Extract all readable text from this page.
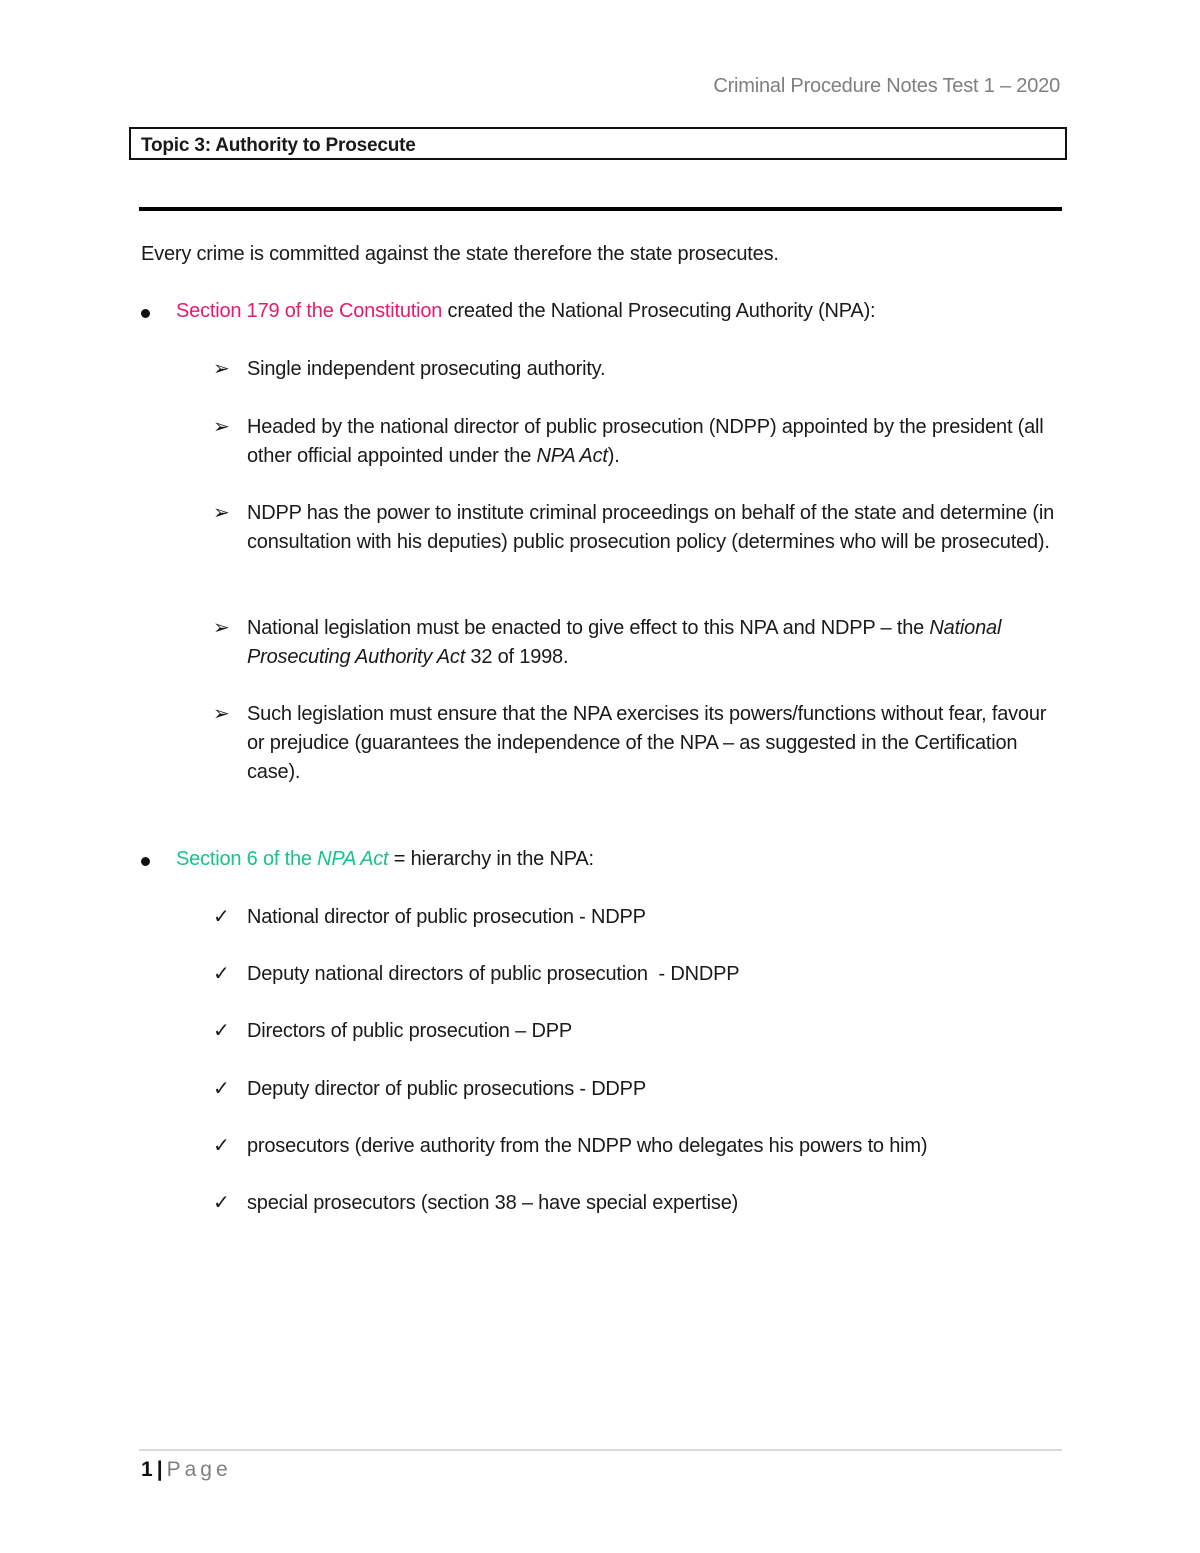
Criminal Procedure Notes Test 1 – 2020
Topic 3: Authority to Prosecute
Every crime is committed against the state therefore the state prosecutes.
Section 179 of the Constitution created the National Prosecuting Authority (NPA):
➢ Single independent prosecuting authority.
➢ Headed by the national director of public prosecution (NDPP) appointed by the president (all other official appointed under the NPA Act).
➢ NDPP has the power to institute criminal proceedings on behalf of the state and determine (in consultation with his deputies) public prosecution policy (determines who will be prosecuted).
➢ National legislation must be enacted to give effect to this NPA and NDPP – the National Prosecuting Authority Act 32 of 1998.
➢ Such legislation must ensure that the NPA exercises its powers/functions without fear, favour or prejudice (guarantees the independence of the NPA – as suggested in the Certification case).
Section 6 of the NPA Act = hierarchy in the NPA:
✓ National director of public prosecution - NDPP
✓ Deputy national directors of public prosecution  - DNDPP
✓ Directors of public prosecution – DPP
✓ Deputy director of public prosecutions - DDPP
✓ prosecutors (derive authority from the NDPP who delegates his powers to him)
✓ special prosecutors (section 38 – have special expertise)
1 | Page
